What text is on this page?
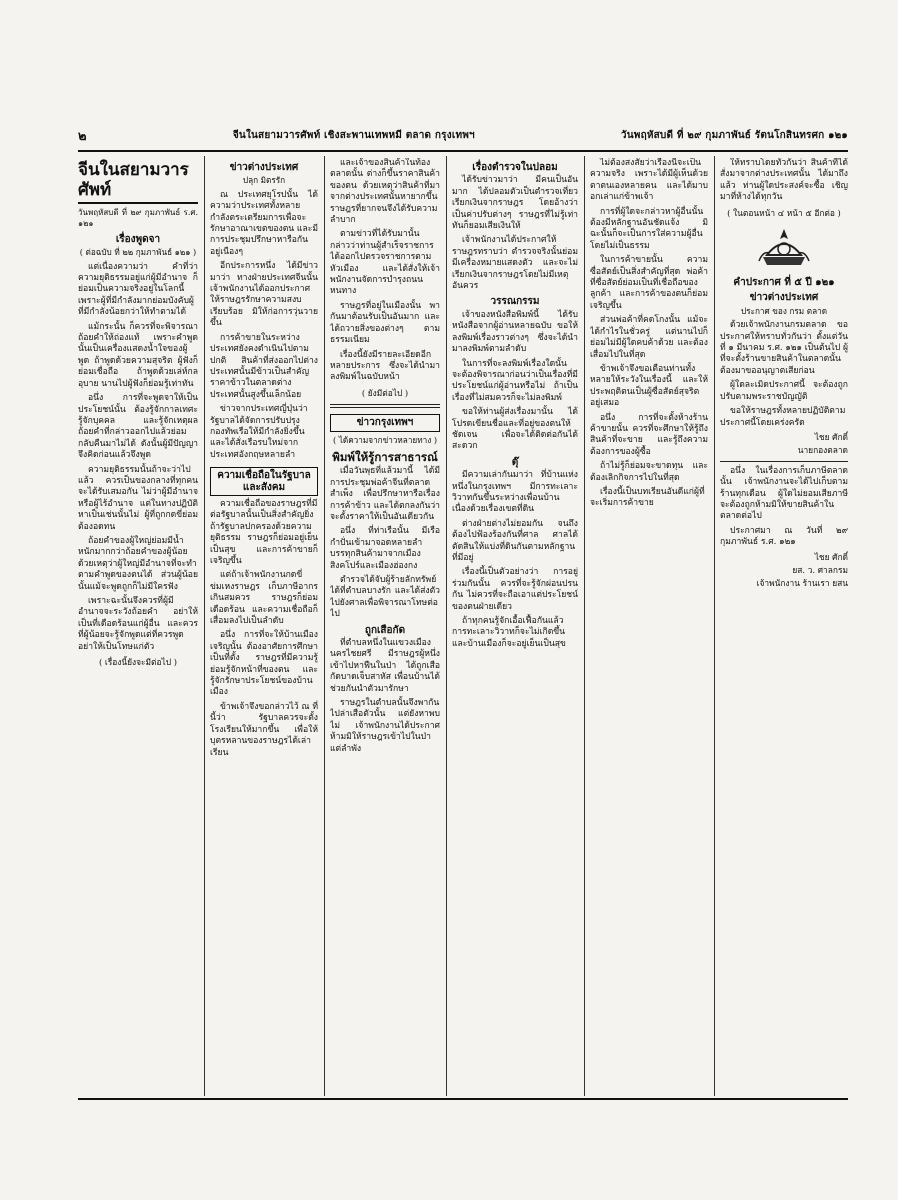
๒	จีนในสยามวารศัพท์ เชิงสะพานเทพหมี ตลาด กรุงเทพฯ	วันพฤหัสบดี ที่ ๒๙ กุมภาพันธ์ รัตนโกสินทรศก ๑๒๑
จีนในสยามวารศัพท์
วันพฤหัสบดี ที่ ๒๙ กุมภาพันธ์ ร.ศ. ๑๒๑
เรื่องพูดจา
( ต่อฉบับ ที่ ๒๒ กุมภาพันธ์ ๑๒๑ )

แต่เนื่องความว่า คำที่ว่า ความยุติธรรมอยู่แก่ผู้มีอำนาจ ก็ย่อมเป็นความจริงอยู่ในโลกนี้ เพราะผู้ที่มีกำลังมากย่อมบังคับผู้ที่มีกำลังน้อยกว่าให้ทำตามได้

แม้กระนั้น ก็ควรที่จะพิจารณาถ้อยคำให้ถ่องแท้ เพราะคำพูดนั้นเป็นเครื่องแสดงน้ำใจของผู้พูด ถ้าพูดด้วยความสุจริต ผู้ฟังก็ย่อมเชื่อถือ ถ้าพูดด้วยเล่ห์กลอุบาย นานไปผู้ฟังก็ย่อมรู้เท่าทัน

อนึ่ง การที่จะพูดจาให้เป็นประโยชน์นั้น ต้องรู้จักกาลเทศะ รู้จักบุคคล และรู้จักเหตุผล ถ้อยคำที่กล่าวออกไปแล้วย่อมกลับคืนมาไม่ได้ ดังนั้นผู้มีปัญญาจึงคิดก่อนแล้วจึงพูด

ความยุติธรรมนั้นถ้าจะว่าไปแล้ว ควรเป็นของกลางที่ทุกคนจะได้รับเสมอกัน ไม่ว่าผู้มีอำนาจหรือผู้ไร้อำนาจ แต่ในทางปฏิบัติหาเป็นเช่นนั้นไม่ ผู้ที่ถูกกดขี่ย่อมต้องอดทน

ถ้อยคำของผู้ใหญ่ย่อมมีน้ำหนักมากกว่าถ้อยคำของผู้น้อย ด้วยเหตุว่าผู้ใหญ่มีอำนาจที่จะทำตามคำพูดของตนได้ ส่วนผู้น้อยนั้นแม้จะพูดถูกก็ไม่มีใครฟัง

เพราะฉะนั้นจึงควรที่ผู้มีอำนาจจะระวังถ้อยคำ อย่าให้เป็นที่เดือดร้อนแก่ผู้อื่น และควรที่ผู้น้อยจะรู้จักพูดแต่ที่ควรพูด อย่าให้เป็นโทษแก่ตัว

( เรื่องนี้ยังจะมีต่อไป )
ข่าวต่างประเทศ
ปลุก มิตรรัก

ณ ประเทศยุโรปนั้น ได้ความว่าประเทศทั้งหลายกำลังตระเตรียมการเพื่อจะรักษาอาณาเขตของตน และมีการประชุมปรึกษาหารือกันอยู่เนืองๆ

อีกประการหนึ่ง ได้มีข่าวมาว่า ทางฝ่ายประเทศจีนนั้น เจ้าพนักงานได้ออกประกาศให้ราษฎรรักษาความสงบเรียบร้อย มิให้ก่อการวุ่นวายขึ้น

การค้าขายในระหว่างประเทศยังคงดำเนินไปตามปกติ สินค้าที่ส่งออกไปต่างประเทศนั้นมีข้าวเป็นสำคัญ ราคาข้าวในตลาดต่างประเทศนั้นสูงขึ้นเล็กน้อย

ข่าวจากประเทศญี่ปุ่นว่า รัฐบาลได้จัดการปรับปรุงกองทัพเรือให้มีกำลังยิ่งขึ้น และได้สั่งเรือรบใหม่จากประเทศอังกฤษหลายลำ

ความเชื่อถือในรัฐบาลและสังคม

ความเชื่อถือของราษฎรที่มีต่อรัฐบาลนั้นเป็นสิ่งสำคัญยิ่ง ถ้ารัฐบาลปกครองด้วยความยุติธรรม ราษฎรก็ย่อมอยู่เย็นเป็นสุข และการค้าขายก็เจริญขึ้น

แต่ถ้าเจ้าพนักงานกดขี่ข่มเหงราษฎร เก็บภาษีอากรเกินสมควร ราษฎรก็ย่อมเดือดร้อน และความเชื่อถือก็เสื่อมลงไปเป็นลำดับ

อนึ่ง การที่จะให้บ้านเมืองเจริญนั้น ต้องอาศัยการศึกษาเป็นที่ตั้ง ราษฎรที่มีความรู้ย่อมรู้จักหน้าที่ของตน และรู้จักรักษาประโยชน์ของบ้านเมือง

ข้าพเจ้าจึงขอกล่าวไว้ ณ ที่นี้ว่า รัฐบาลควรจะตั้งโรงเรียนให้มากขึ้น เพื่อให้บุตรหลานของราษฎรได้เล่าเรียน

และเจ้าของสินค้าในท้องตลาดนั้น ต่างก็ขึ้นราคาสินค้าของตน ด้วยเหตุว่าสินค้าที่มาจากต่างประเทศนั้นหายากขึ้น ราษฎรที่ยากจนจึงได้รับความลำบาก

ตามข่าวที่ได้รับมานั้น กล่าวว่าท่านผู้สำเร็จราชการได้ออกไปตรวจราชการตามหัวเมือง และได้สั่งให้เจ้าพนักงานจัดการบำรุงถนนหนทาง

ราษฎรที่อยู่ในเมืองนั้น พากันมาต้อนรับเป็นอันมาก และได้ถวายสิ่งของต่างๆ ตามธรรมเนียม

เรื่องนี้ยังมีรายละเอียดอีกหลายประการ ซึ่งจะได้นำมาลงพิมพ์ในฉบับหน้า

( ยังมีต่อไป )
ข่าวกรุงเทพฯ
( ได้ความจากข่าวหลายทาง )
พิมพ์ให้รู้การสาธารณ์

เมื่อวันพุธที่แล้วมานี้ ได้มีการประชุมพ่อค้าจีนที่ตลาดสำเพ็ง เพื่อปรึกษาหารือเรื่องการค้าข้าว และได้ตกลงกันว่าจะตั้งราคาให้เป็นอันเดียวกัน

อนึ่ง ที่ท่าเรือนั้น มีเรือกำปั่นเข้ามาจอดหลายลำ บรรทุกสินค้ามาจากเมืองสิงคโปร์และเมืองฮ่องกง

ตำรวจได้จับผู้ร้ายลักทรัพย์ได้ที่ตำบลบางรัก และได้ส่งตัวไปยังศาลเพื่อพิจารณาโทษต่อไป

ถูกเสือกัด

ที่ตำบลหนึ่งในแขวงเมืองนครไชยศรี มีราษฎรผู้หนึ่งเข้าไปหาฟืนในป่า ได้ถูกเสือกัดบาดเจ็บสาหัส เพื่อนบ้านได้ช่วยกันนำตัวมารักษา

ราษฎรในตำบลนั้นจึงพากันไปล่าเสือตัวนั้น แต่ยังหาพบไม่ เจ้าพนักงานได้ประกาศห้ามมิให้ราษฎรเข้าไปในป่าแต่ลำพัง

เรื่องตำรวจในปลอม

ได้รับข่าวมาว่า มีคนเป็นอันมาก ได้ปลอมตัวเป็นตำรวจเที่ยวเรียกเงินจากราษฎร โดยอ้างว่าเป็นค่าปรับต่างๆ ราษฎรที่ไม่รู้เท่าทันก็ยอมเสียเงินให้

เจ้าพนักงานได้ประกาศให้ราษฎรทราบว่า ตำรวจจริงนั้นย่อมมีเครื่องหมายแสดงตัว และจะไม่เรียกเงินจากราษฎรโดยไม่มีเหตุอันควร

วรรณกรรม

เจ้าของหนังสือพิมพ์นี้ ได้รับหนังสือจากผู้อ่านหลายฉบับ ขอให้ลงพิมพ์เรื่องราวต่างๆ ซึ่งจะได้นำมาลงพิมพ์ตามลำดับ

ในการที่จะลงพิมพ์เรื่องใดนั้น จะต้องพิจารณาก่อนว่าเป็นเรื่องที่มีประโยชน์แก่ผู้อ่านหรือไม่ ถ้าเป็นเรื่องที่ไม่สมควรก็จะไม่ลงพิมพ์

ขอให้ท่านผู้ส่งเรื่องมานั้น ได้โปรดเขียนชื่อและที่อยู่ของตนให้ชัดเจน เพื่อจะได้ติดต่อกันได้สะดวก

ตุ๊

มีความเล่ากันมาว่า ที่บ้านแห่งหนึ่งในกรุงเทพฯ มีการทะเลาะวิวาทกันขึ้นระหว่างเพื่อนบ้าน เนื่องด้วยเรื่องเขตที่ดิน

ต่างฝ่ายต่างไม่ยอมกัน จนถึงต้องไปฟ้องร้องกันที่ศาล ศาลได้ตัดสินให้แบ่งที่ดินกันตามหลักฐานที่มีอยู่

เรื่องนี้เป็นตัวอย่างว่า การอยู่ร่วมกันนั้น ควรที่จะรู้จักผ่อนปรนกัน ไม่ควรที่จะถือเอาแต่ประโยชน์ของตนฝ่ายเดียว

ถ้าทุกคนรู้จักเอื้อเฟื้อกันแล้ว การทะเลาะวิวาทก็จะไม่เกิดขึ้น และบ้านเมืองก็จะอยู่เย็นเป็นสุข

ไม่ต้องสงสัยว่าเรื่องนี้จะเป็นความจริง เพราะได้มีผู้เห็นด้วยตาตนเองหลายคน และได้มาบอกเล่าแก่ข้าพเจ้า

การที่ผู้ใดจะกล่าวหาผู้อื่นนั้น ต้องมีหลักฐานอันชัดแจ้ง มิฉะนั้นก็จะเป็นการใส่ความผู้อื่นโดยไม่เป็นธรรม

ในการค้าขายนั้น ความซื่อสัตย์เป็นสิ่งสำคัญที่สุด พ่อค้าที่ซื่อสัตย์ย่อมเป็นที่เชื่อถือของลูกค้า และการค้าของตนก็ย่อมเจริญขึ้น

ส่วนพ่อค้าที่คดโกงนั้น แม้จะได้กำไรในชั่วครู่ แต่นานไปก็ย่อมไม่มีผู้ใดคบค้าด้วย และต้องเสื่อมไปในที่สุด

ข้าพเจ้าจึงขอเตือนท่านทั้งหลายให้ระวังในเรื่องนี้ และให้ประพฤติตนเป็นผู้ซื่อสัตย์สุจริตอยู่เสมอ

อนึ่ง การที่จะตั้งห้างร้านค้าขายนั้น ควรที่จะศึกษาให้รู้ถึงสินค้าที่จะขาย และรู้ถึงความต้องการของผู้ซื้อ

ถ้าไม่รู้ก็ย่อมจะขาดทุน และต้องเลิกกิจการไปในที่สุด

เรื่องนี้เป็นบทเรียนอันดีแก่ผู้ที่จะเริ่มการค้าขาย

ให้ทราบโดยทั่วกันว่า สินค้าที่ได้สั่งมาจากต่างประเทศนั้น ได้มาถึงแล้ว ท่านผู้ใดประสงค์จะซื้อ เชิญมาที่ห้างได้ทุกวัน

( ในตอนหน้า ๔ หน้า ๕ อีกต่อ )
คำประกาศ ที่ ๕ ปี ๑๒๑
ข่าวต่างประเทศ
ประกาศ ของ กรม ตลาด

ด้วยเจ้าพนักงานกรมตลาด ขอประกาศให้ทราบทั่วกันว่า ตั้งแต่วันที่ ๑ มีนาคม ร.ศ. ๑๒๑ เป็นต้นไป ผู้ที่จะตั้งร้านขายสินค้าในตลาดนั้น ต้องมาขออนุญาตเสียก่อน

ผู้ใดละเมิดประกาศนี้ จะต้องถูกปรับตามพระราชบัญญัติ

ขอให้ราษฎรทั้งหลายปฏิบัติตามประกาศนี้โดยเคร่งครัด

ไชย ศักดิ์
นายกองตลาด

อนึ่ง ในเรื่องการเก็บภาษีตลาดนั้น เจ้าพนักงานจะได้ไปเก็บตามร้านทุกเดือน ผู้ใดไม่ยอมเสียภาษี จะต้องถูกห้ามมิให้ขายสินค้าในตลาดต่อไป

ประกาศมา ณ วันที่ ๒๙ กุมภาพันธ์ ร.ศ. ๑๒๑

ไชย ศักดิ์
ยส. ว. ศาลกรม
เจ้าพนักงาน ร้านเรา ยสน
